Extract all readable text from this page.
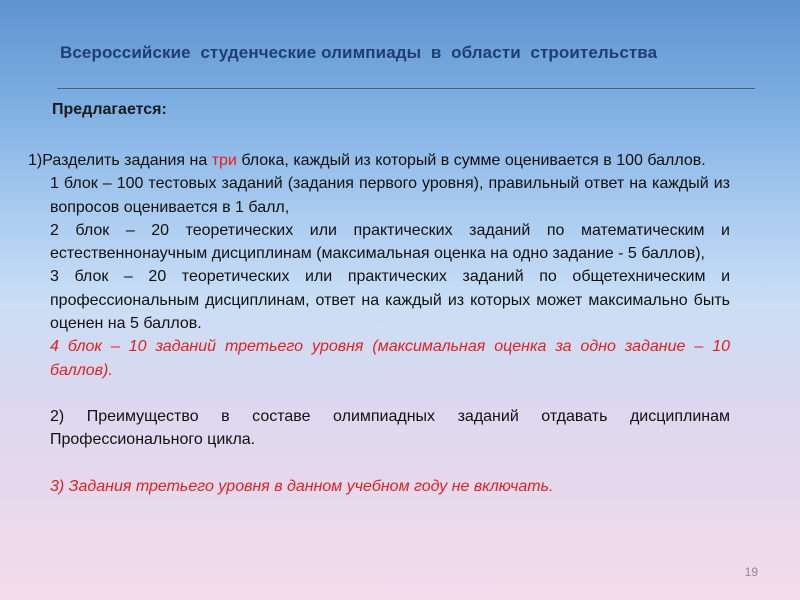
Всероссийские  студенческие олимпиады  в  области  строительства
Предлагается:

1)Разделить задания на три блока, каждый из который в сумме оценивается в 100 баллов.

1 блок – 100 тестовых заданий (задания первого уровня), правильный ответ на каждый из вопросов оценивается в 1 балл,

2 блок – 20 теоретических или практических заданий по математическим и естественнонаучным дисциплинам (максимальная оценка на одно задание - 5 баллов),

3 блок – 20 теоретических или практических заданий по общетехническим и профессиональным дисциплинам, ответ на каждый из которых может максимально быть оценен на 5 баллов.

4 блок – 10 заданий третьего уровня (максимальная оценка за одно задание – 10 баллов).

2) Преимущество в составе олимпиадных заданий отдавать дисциплинам Профессионального цикла.

3) Задания третьего уровня в данном учебном году не включать.

19
